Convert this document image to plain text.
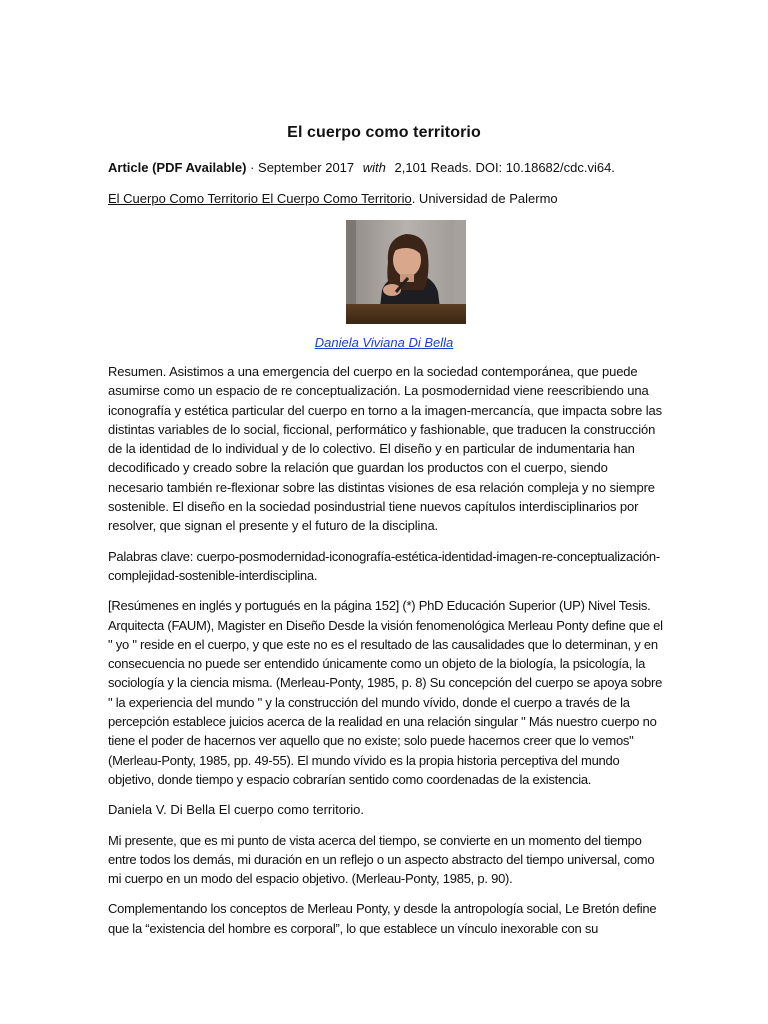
El cuerpo como territorio
Article (PDF Available) · September 2017 with 2,101 Reads. DOI: 10.18682/cdc.vi64.
El Cuerpo Como Territorio El Cuerpo Como Territorio. Universidad de Palermo
Daniela Viviana Di Bella

Resumen. Asistimos a una emergencia del cuerpo en la sociedad contemporánea, que puede asumirse como un espacio de re conceptualización. La posmodernidad viene reescribiendo una iconografía y estética particular del cuerpo en torno a la imagen-mercancía, que impacta sobre las distintas variables de lo social, ficcional, performático y fashionable, que traducen la construcción de la identidad de lo individual y de lo colectivo. El diseño y en particular de indumentaria han decodificado y creado sobre la relación que guardan los productos con el cuerpo, siendo necesario también re-flexionar sobre las distintas visiones de esa relación compleja y no siempre sostenible. El diseño en la sociedad posindustrial tiene nuevos capítulos interdisciplinarios por resolver, que signan el presente y el futuro de la disciplina.

Palabras clave: cuerpo-posmodernidad-iconografía-estética-identidad-imagen-re-conceptualización-complejidad-sostenible-interdisciplina.

[Resúmenes en inglés y portugués en la página 152] (*) PhD Educación Superior (UP) Nivel Tesis. Arquitecta (FAUM), Magister en Diseño Desde la visión fenomenológica Merleau Ponty define que el " yo " reside en el cuerpo, y que este no es el resultado de las causalidades que lo determinan, y en consecuencia no puede ser entendido únicamente como un objeto de la biología, la psicología, la sociología y la ciencia misma. (Merleau-Ponty, 1985, p. 8) Su concepción del cuerpo se apoya sobre " la experiencia del mundo " y la construcción del mundo vívido, donde el cuerpo a través de la percepción establece juicios acerca de la realidad en una relación singular " Más nuestro cuerpo no tiene el poder de hacernos ver aquello que no existe; solo puede hacernos creer que lo vemos" (Merleau-Ponty, 1985, pp. 49-55). El mundo vívido es la propia historia perceptiva del mundo objetivo, donde tiempo y espacio cobrarían sentido como coordenadas de la existencia.

Daniela V. Di Bella El cuerpo como territorio.

Mi presente, que es mi punto de vista acerca del tiempo, se convierte en un momento del tiempo entre todos los demás, mi duración en un reflejo o un aspecto abstracto del tiempo universal, como mi cuerpo en un modo del espacio objetivo. (Merleau-Ponty, 1985, p. 90).

Complementando los conceptos de Merleau Ponty, y desde la antropología social, Le Bretón define que la “existencia del hombre es corporal”, lo que establece un vínculo inexorable con su
